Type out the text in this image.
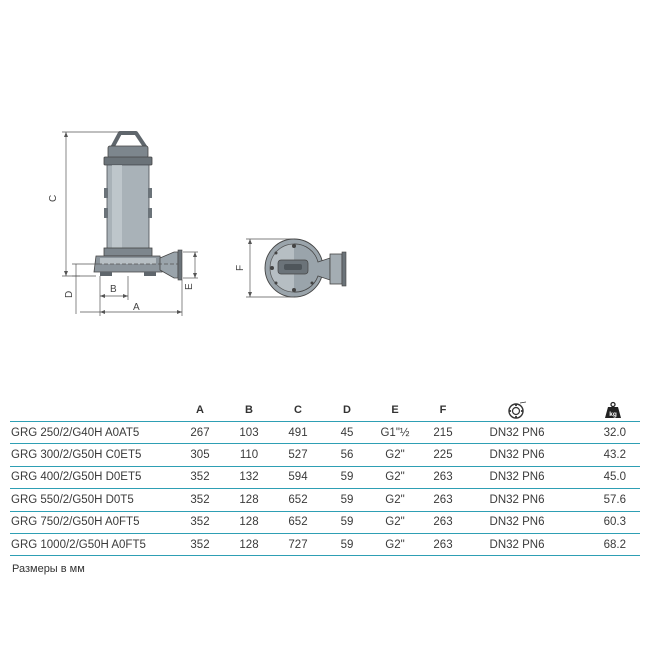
C
D
E
B
A
F
	A	B	C	D	E	F		kg

GRG 250/2/G40H A0AT5	267	103	491	45	G1"½	215	DN32 PN6	32.0
GRG 300/2/G50H C0ET5	305	110	527	56	G2"	225	DN32 PN6	43.2
GRG 400/2/G50H D0ET5	352	132	594	59	G2"	263	DN32 PN6	45.0
GRG 550/2/G50H D0T5	352	128	652	59	G2"	263	DN32 PN6	57.6
GRG 750/2/G50H A0FT5	352	128	652	59	G2"	263	DN32 PN6	60.3
GRG 1000/2/G50H A0FT5	352	128	727	59	G2"	263	DN32 PN6	68.2
Размеры в мм
